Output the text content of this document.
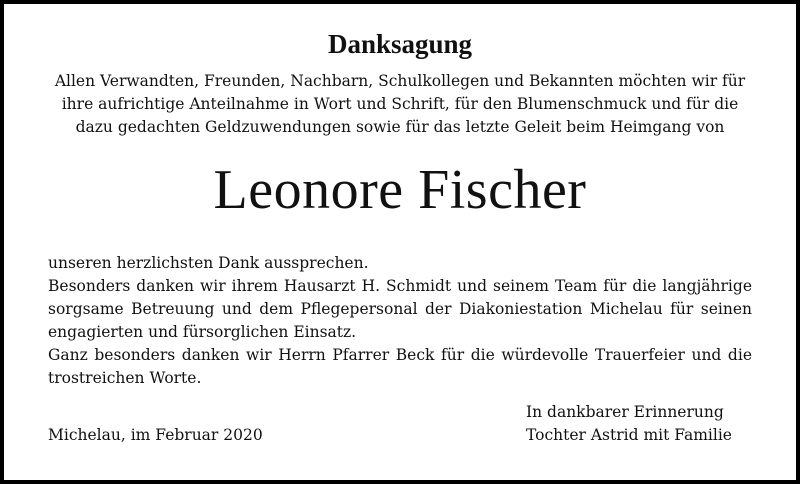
Danksagung

Allen Verwandten, Freunden, Nachbarn, Schulkollegen und Bekannten möchten wir für
ihre aufrichtige Anteilnahme in Wort und Schrift, für den Blumenschmuck und für die
dazu gedachten Geldzuwendungen sowie für das letzte Geleit beim Heimgang von

Leonore Fischer

unseren herzlichsten Dank aussprechen.
Besonders danken wir ihrem Hausarzt H. Schmidt und seinem Team für die langjährige
sorgsame Betreuung und dem Pflegepersonal der Diakoniestation Michelau für seinen
engagierten und fürsorglichen Einsatz.
Ganz besonders danken wir Herrn Pfarrer Beck für die würdevolle Trauerfeier und die
trostreichen Worte.

Michelau, im Februar 2020

In dankbarer Erinnerung
Tochter Astrid mit Familie
